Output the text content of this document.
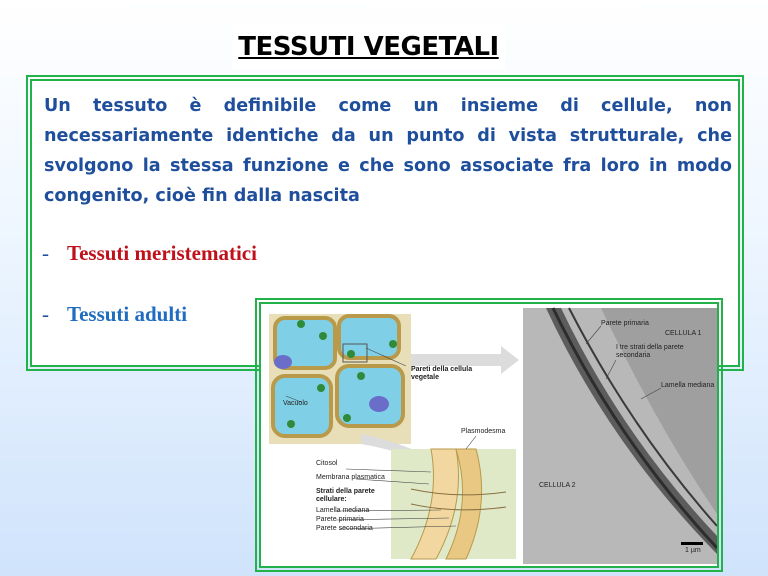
TESSUTI VEGETALI

Un tessuto è definibile come un insieme di cellule, non necessariamente identiche da un punto di vista strutturale, che svolgono la stessa funzione e che sono associate fra loro in modo congenito, cioè fin dalla nascita

- Tessuti meristematici
- Tessuti adulti
Pareti della cellula vegetale
Vacuolo
Plasmodesma
Citosol
Membrana plasmatica
Strati della parete cellulare:
Lamella mediana
Parete primaria
Parete secondaria
Parete primaria
CELLULA 1
I tre strati della parete secondaria
Lamella mediana
CELLULA 2
1 µm
